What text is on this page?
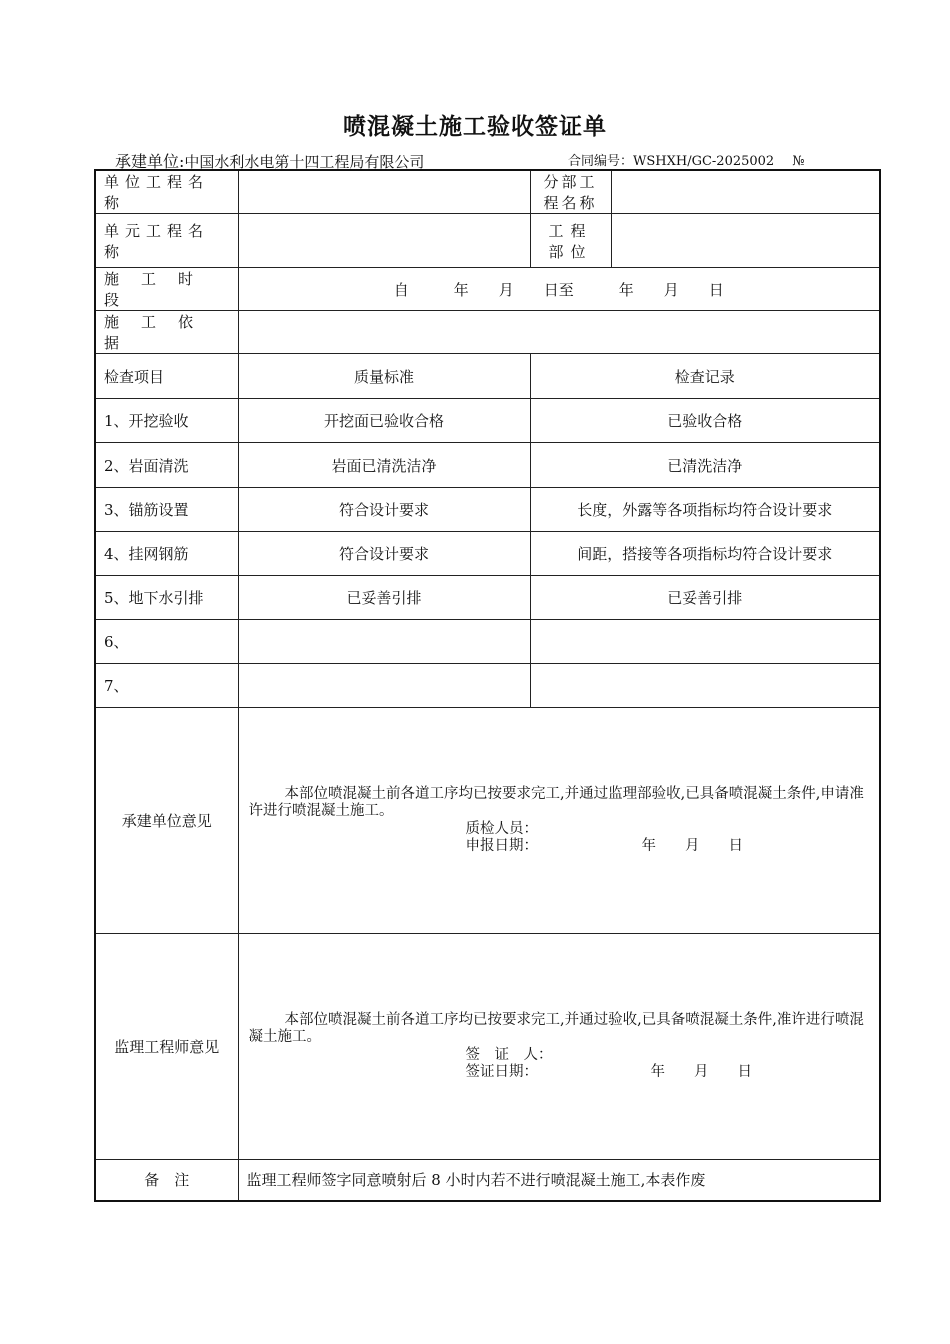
喷混凝土施工验收签证单
承建单位:中国水利水电第十四工程局有限公司	合同编号：WSHXH/GC-2025002 №
单位工程名称		分部工程名称	
单元工程名称		工程部位	
施工时段	自　　　年　　月　　日至　　　年　　月　　日		
施工依据			
检查项目	质量标准	检查记录	
1、开挖验收	开挖面已验收合格	已验收合格	
2、岩面清洗	岩面已清洗洁净	已清洗洁净	
3、锚筋设置	符合设计要求	长度，外露等各项指标均符合设计要求	
4、挂网钢筋	符合设计要求	间距，搭接等各项指标均符合设计要求	
5、地下水引排	已妥善引排	已妥善引排	
6、			
7、			
承建单位意见	本部位喷混凝土前各道工序均已按要求完工,并通过监理部验收,已具备喷混凝土条件,申请准许进行喷混凝土施工。
质检人员：
申报日期： 年　　月　　日		

监理工程师意见	本部位喷混凝土前各道工序均已按要求完工,并通过验收,已具备喷混凝土条件,准许进行喷混凝土施工。
签　证　人：
签证日期： 年　　月　　日		

备　注	监理工程师签字同意喷射后 8 小时内若不进行喷混凝土施工,本表作废		
